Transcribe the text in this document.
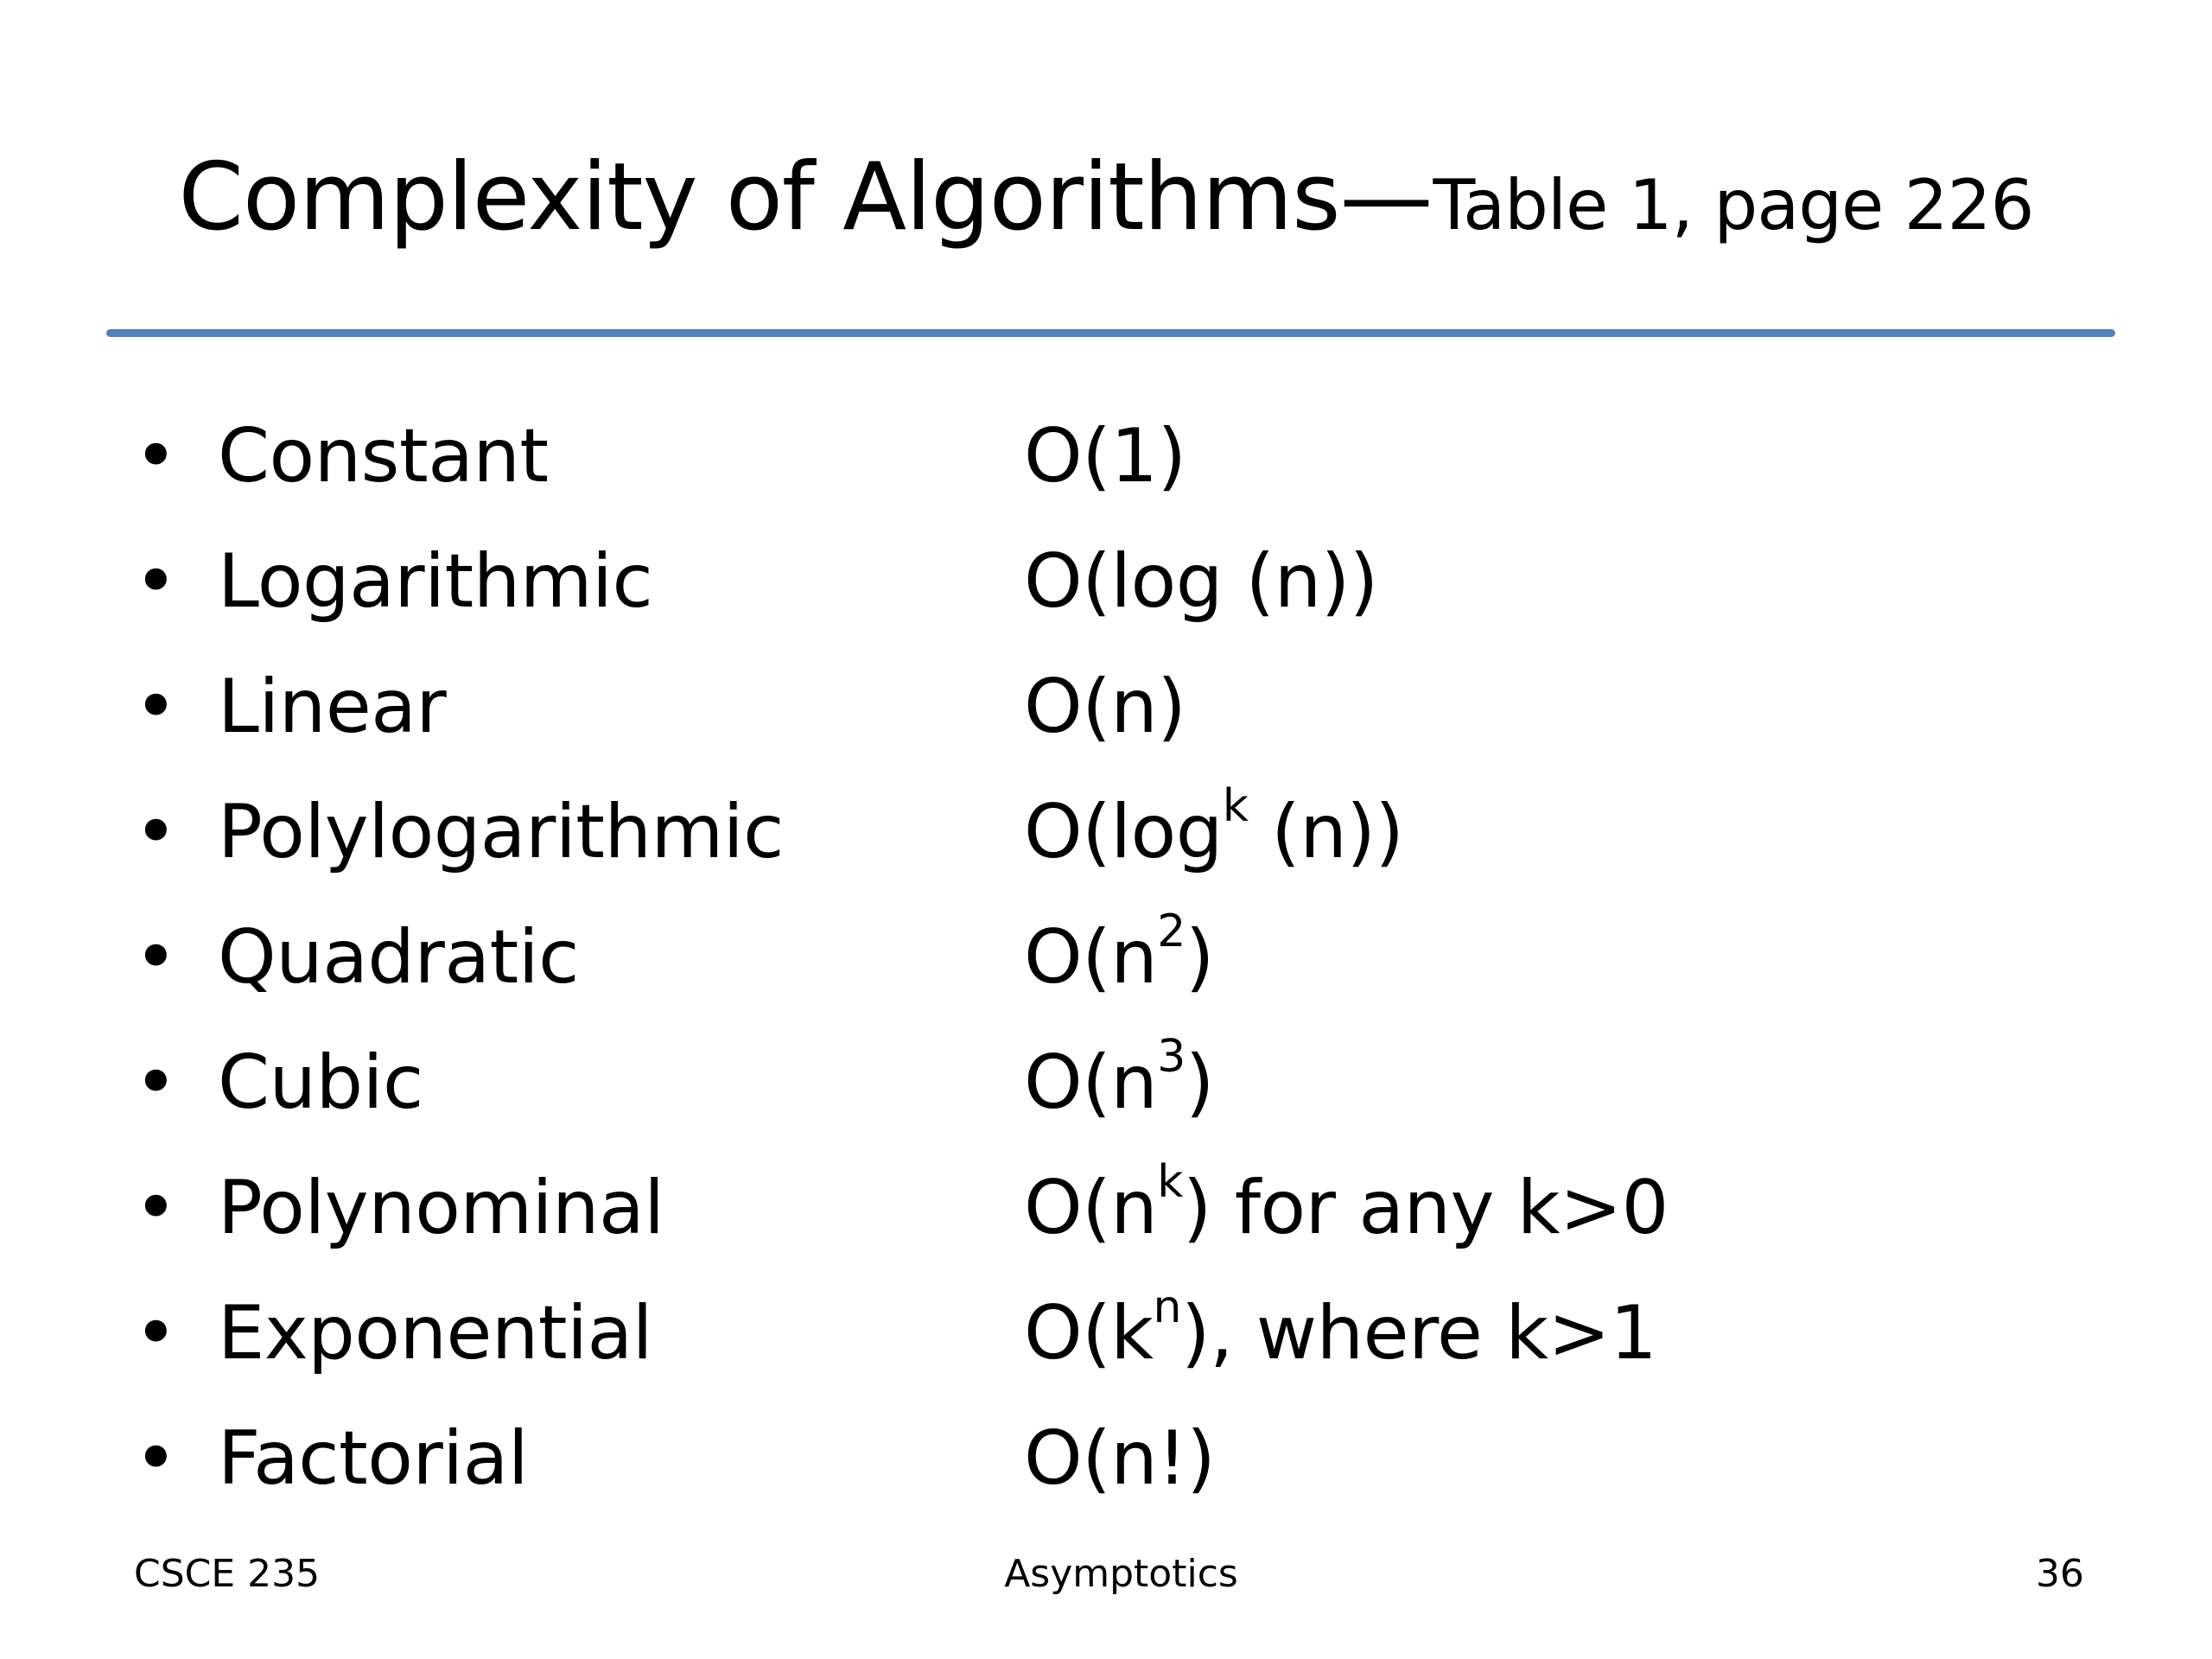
Complexity of Algorithms—Table 1, page 226
• Constant	O(1)
• Logarithmic	O(log (n))
• Linear	O(n)
• Polylogarithmic	$O(\log^k$ (n))
• Quadratic	$O(n^2)$
• Cubic	$O(n^3)$
• Polynominal	$O(n^k)$ for any k>0
• Exponential	$O(k^n)$, where k>1
• Factorial	O(n!)
CSCE 235	Asymptotics	36
